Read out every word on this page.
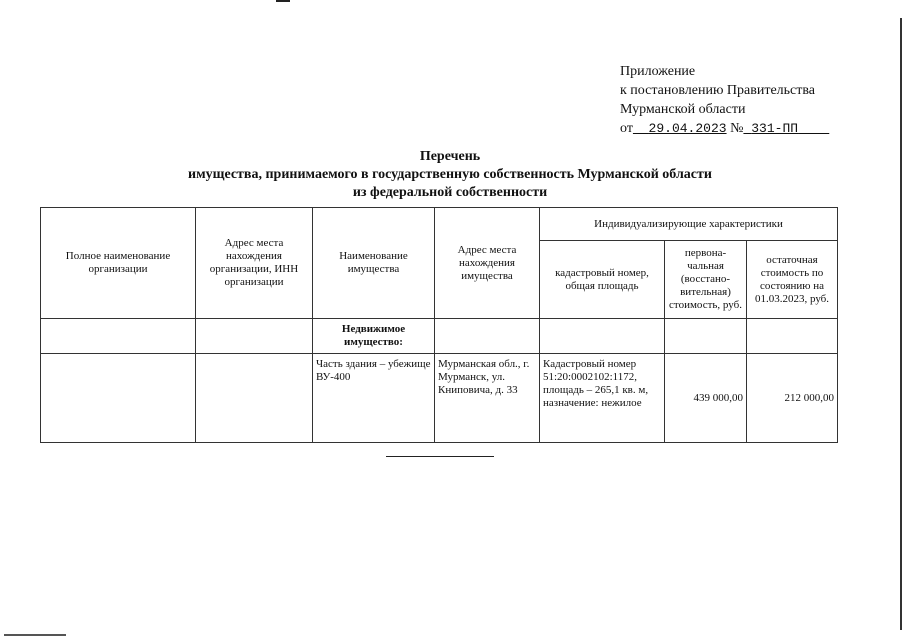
Приложение
к постановлению Правительства
Мурманской области
от 29.04.2023 № 331-ПП
Перечень
имущества, принимаемого в государственную собственность Мурманской области
из федеральной собственности
Полное наименование организации	Адрес места нахождения организации, ИНН организации	Наименование имущества	Адрес места нахождения имущества	Индивидуализирующие характеристики		
				кадастровый номер, общая площадь	первона-чальная (восстано-вительная) стоимость, руб.	остаточная стоимость по состоянию на 01.03.2023, руб.
		Недвижимое имущество:				
		Часть здания – убежище ВУ-400	Мурманская обл., г. Мурманск, ул. Книповича, д. 33	Кадастровый номер 51:20:0002102:1172, площадь – 265,1 кв. м, назначение: нежилое	439 000,00	212 000,00
